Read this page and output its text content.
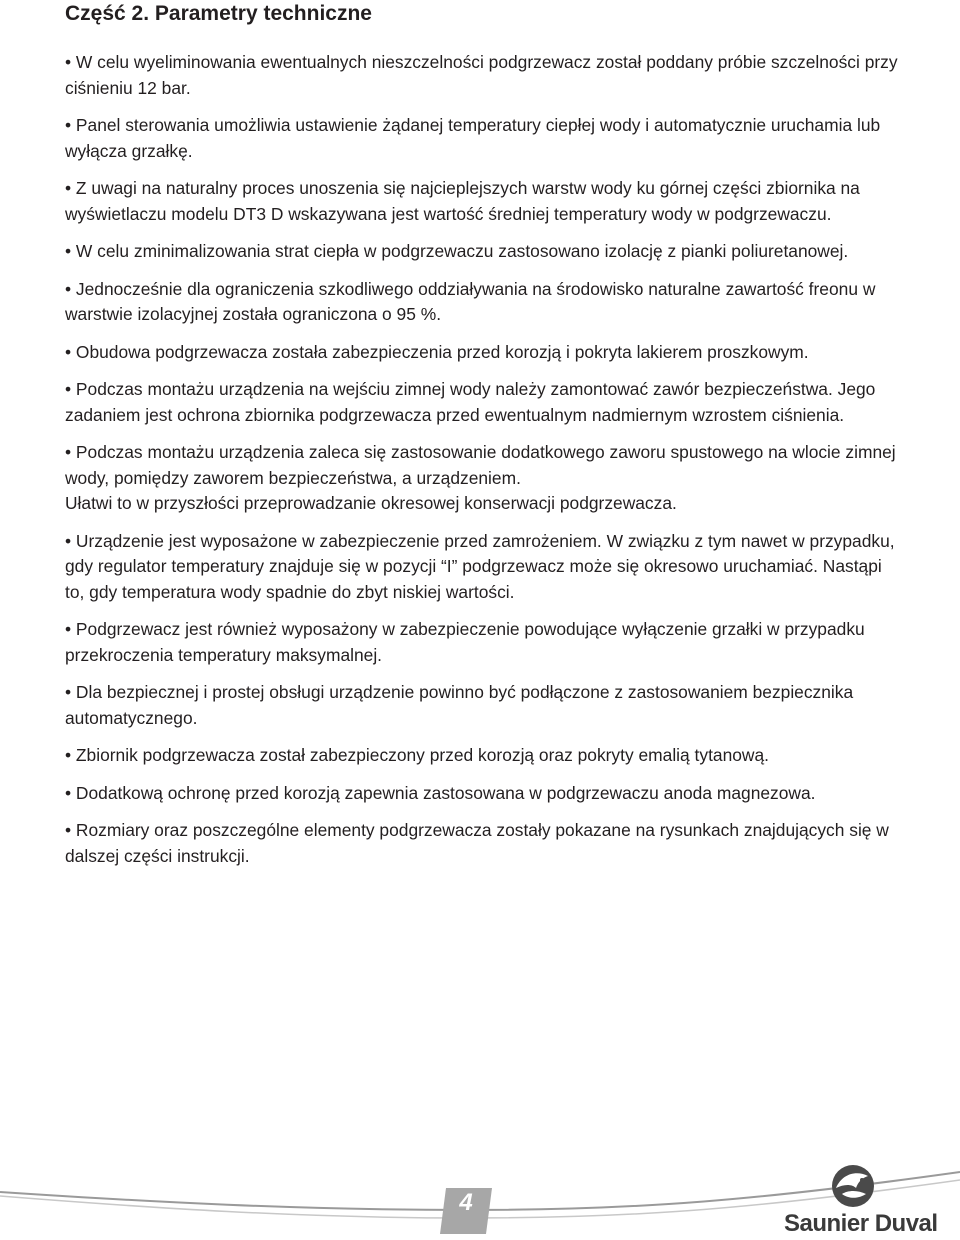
Część 2. Parametry techniczne
• W celu wyeliminowania ewentualnych nieszczelności podgrzewacz został poddany próbie szczelności przy ciśnieniu 12 bar.
• Panel sterowania umożliwia ustawienie żądanej temperatury ciepłej wody i automatycznie uruchamia lub wyłącza grzałkę.
• Z uwagi na naturalny proces unoszenia się najcieplejszych warstw wody ku górnej części zbiornika na wyświetlaczu modelu DT3 D wskazywana jest wartość średniej temperatury wody w podgrzewaczu.
• W celu zminimalizowania strat ciepła w podgrzewaczu zastosowano izolację z pianki poliuretanowej.
• Jednocześnie dla ograniczenia szkodliwego oddziaływania na środowisko naturalne zawartość freonu w warstwie izolacyjnej została ograniczona o 95 %.
• Obudowa podgrzewacza została zabezpieczenia przed korozją i pokryta lakierem proszkowym.
• Podczas montażu urządzenia na wejściu zimnej wody należy zamontować zawór bezpieczeństwa. Jego zadaniem jest ochrona zbiornika podgrzewacza przed ewentualnym nadmiernym wzrostem ciśnienia.
• Podczas montażu urządzenia zaleca się zastosowanie dodatkowego zaworu spustowego na wlocie zimnej wody, pomiędzy zaworem bezpieczeństwa, a urządzeniem.
Ułatwi to w przyszłości przeprowadzanie okresowej konserwacji podgrzewacza.
• Urządzenie jest wyposażone w zabezpieczenie przed zamrożeniem. W związku z tym nawet w przypadku, gdy regulator temperatury znajduje się w pozycji “I” podgrzewacz może się okresowo uruchamiać. Nastąpi to, gdy temperatura wody spadnie do zbyt niskiej wartości.
• Podgrzewacz jest również wyposażony w zabezpieczenie powodujące wyłączenie grzałki w przypadku przekroczenia temperatury maksymalnej.
• Dla bezpiecznej i prostej obsługi urządzenie powinno być podłączone z zastosowaniem bezpiecznika automatycznego.
• Zbiornik podgrzewacza został zabezpieczony przed korozją oraz pokryty emalią tytanową.
• Dodatkową ochronę przed korozją zapewnia zastosowana w podgrzewaczu anoda magnezowa.
• Rozmiary oraz poszczególne elementy podgrzewacza zostały pokazane na rysunkach znajdujących się w dalszej części instrukcji.
4
Saunier Duval
